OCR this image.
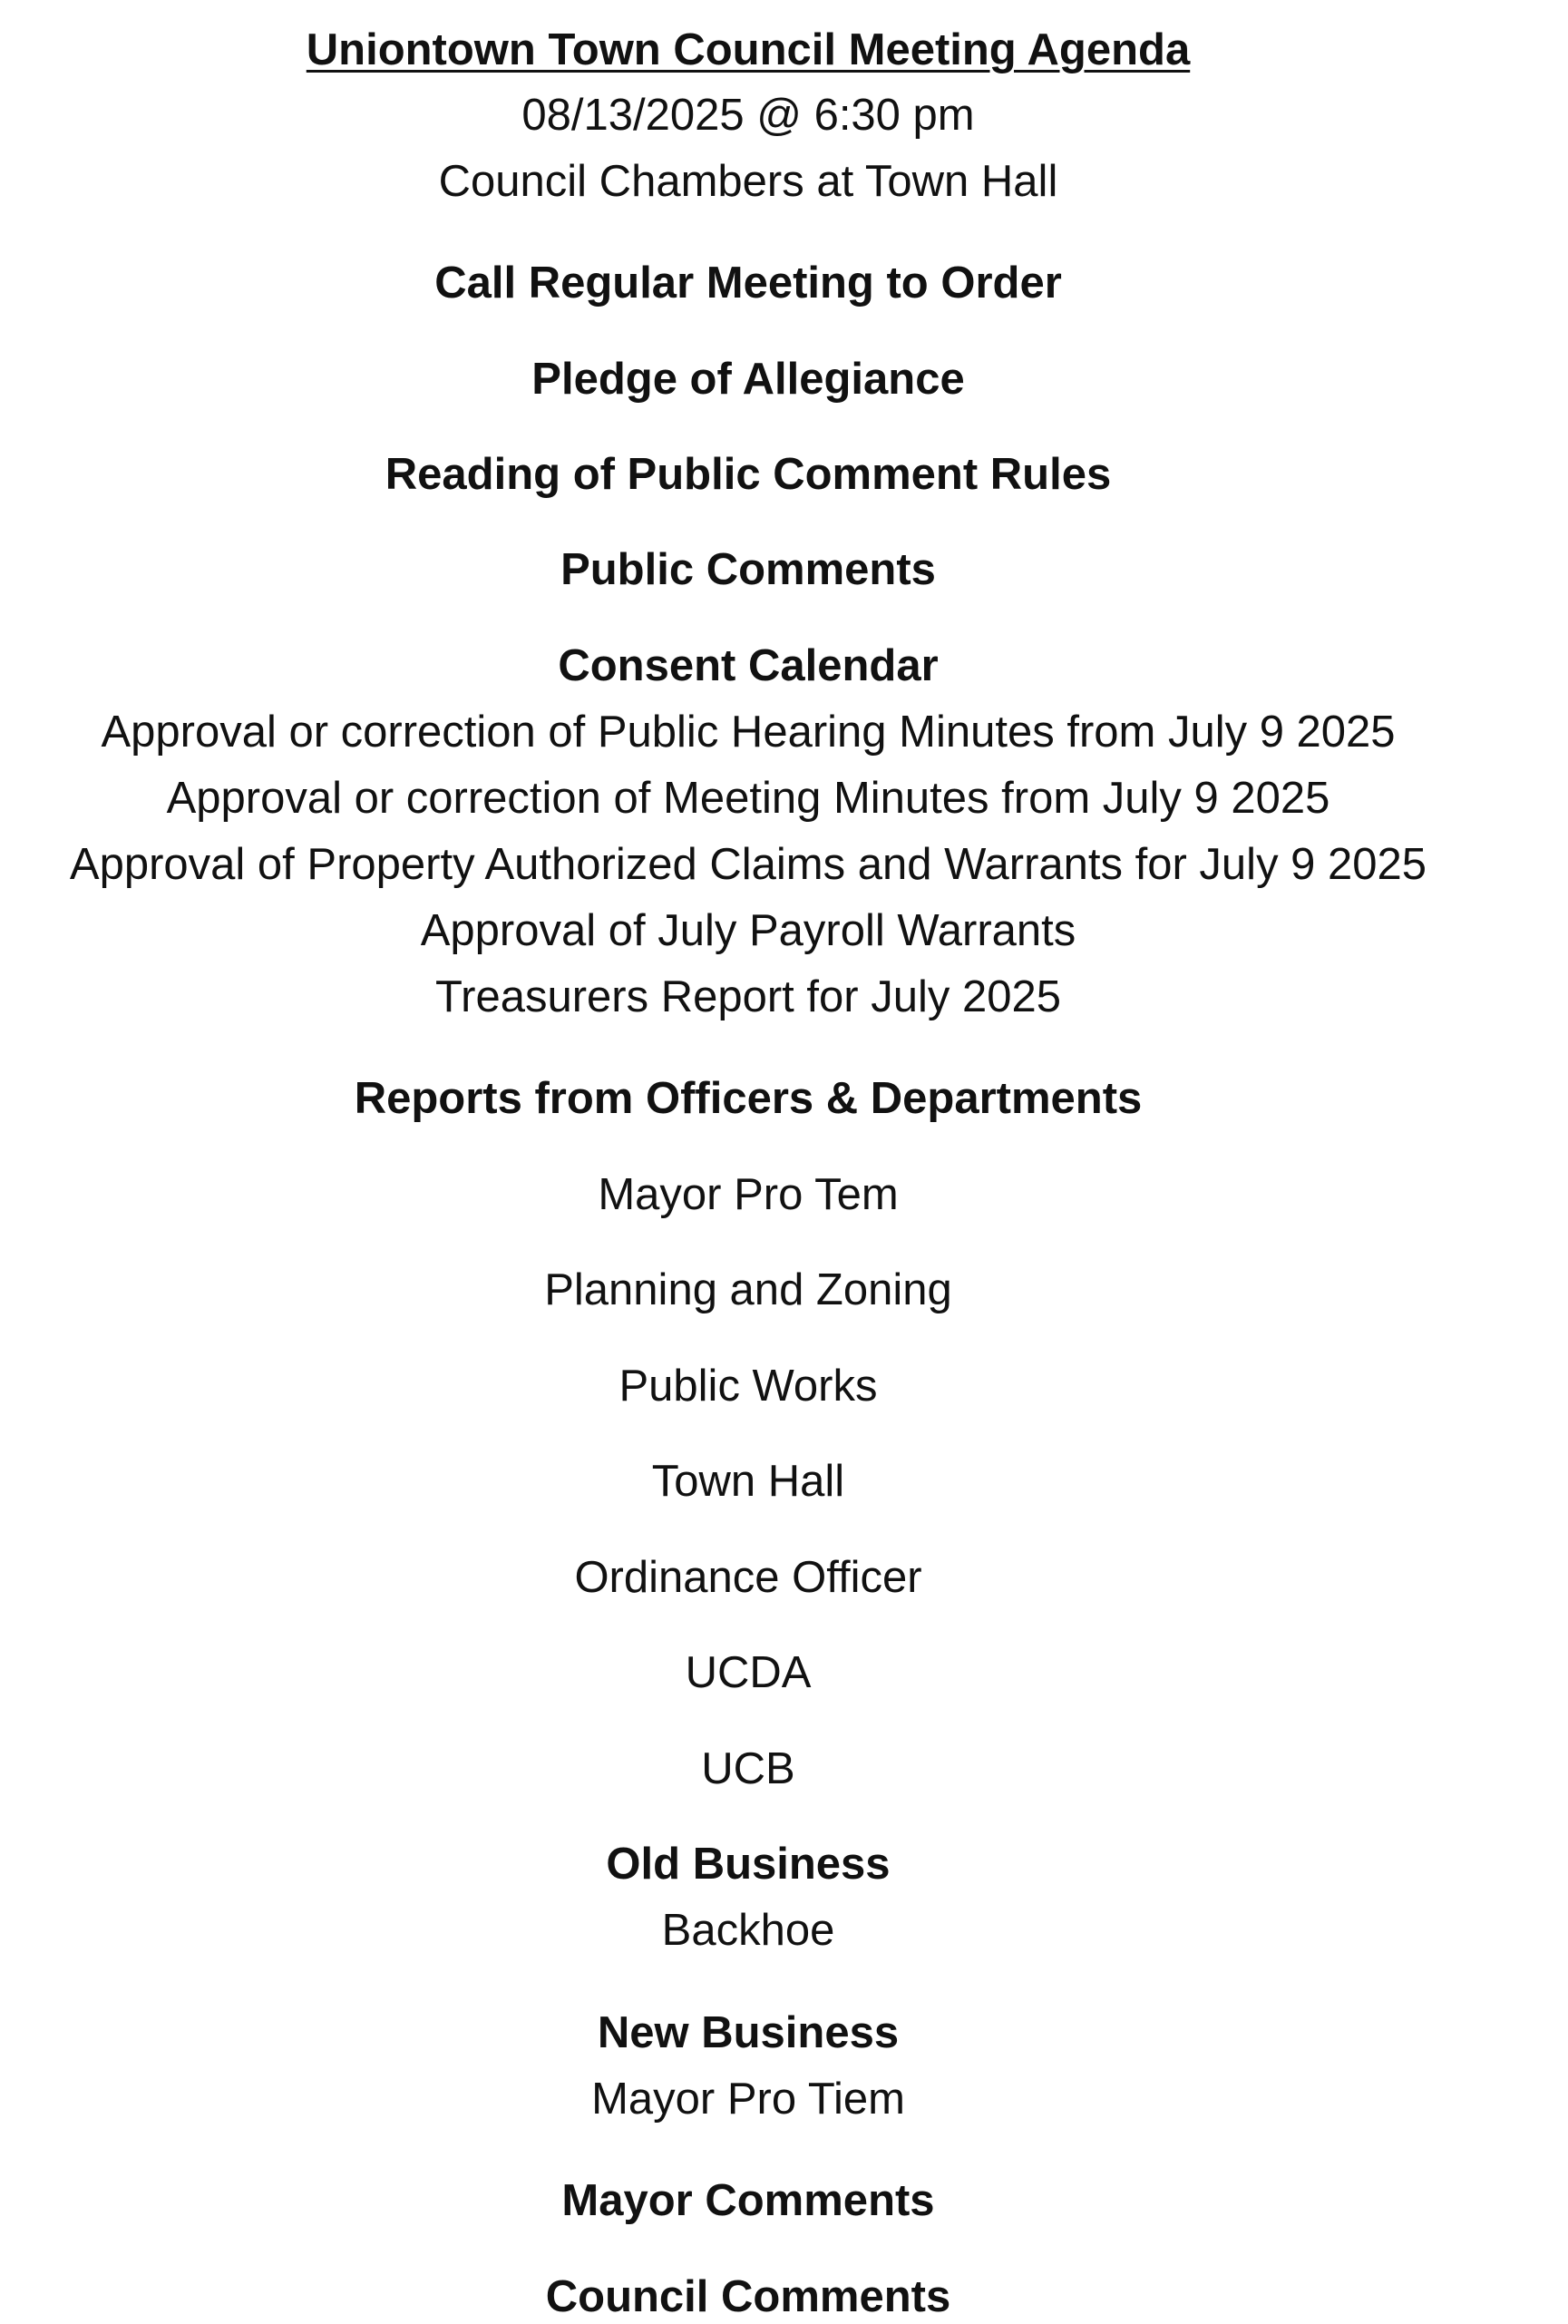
Uniontown Town Council Meeting Agenda
08/13/2025 @ 6:30 pm
Council Chambers at Town Hall
Call Regular Meeting to Order
Pledge of Allegiance
Reading of Public Comment Rules
Public Comments
Consent Calendar
Approval or correction of Public Hearing Minutes from July 9 2025
Approval or correction of Meeting Minutes from July 9 2025
Approval of Property Authorized Claims and Warrants for July 9 2025
Approval of July Payroll Warrants
Treasurers Report for July 2025
Reports from Officers & Departments
Mayor Pro Tem
Planning and Zoning
Public Works
Town Hall
Ordinance Officer
UCDA
UCB
Old Business
Backhoe
New Business
Mayor Pro Tiem
Mayor Comments
Council Comments
